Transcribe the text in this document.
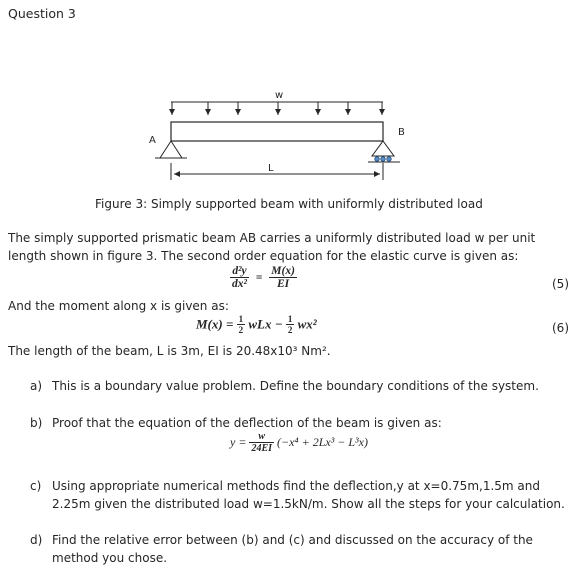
Question 3
w
A
B
L
Figure 3: Simply supported beam with uniformly distributed load
The simply supported prismatic beam AB carries a uniformly distributed load w per unit
length shown in figure 3. The second order equation for the elastic curve is given as:
$\frac{\text{d²y}}{\text{dx²}} = \frac{M(x)}{EI}$	(5)
And the moment along x is given as:
$M(x) = \frac{1}{2}$ wLx − $\frac{1}{2} wx^2$	(6)
The length of the beam, L is 3m, EI is 20.48x10³ Nm².
a) This is a boundary value problem. Define the boundary conditions of the system.
b) Proof that the equation of the deflection of the beam is given as:
$y = \frac{w}{24EI} (-x^4 + 2Lx^3 - L^3x)$
c) Using appropriate numerical methods find the deflection,y at x=0.75m,1.5m and
2.25m given the distributed load w=1.5kN/m. Show all the steps for your calculation.
d) Find the relative error between (b) and (c) and discussed on the accuracy of the
method you chose.
